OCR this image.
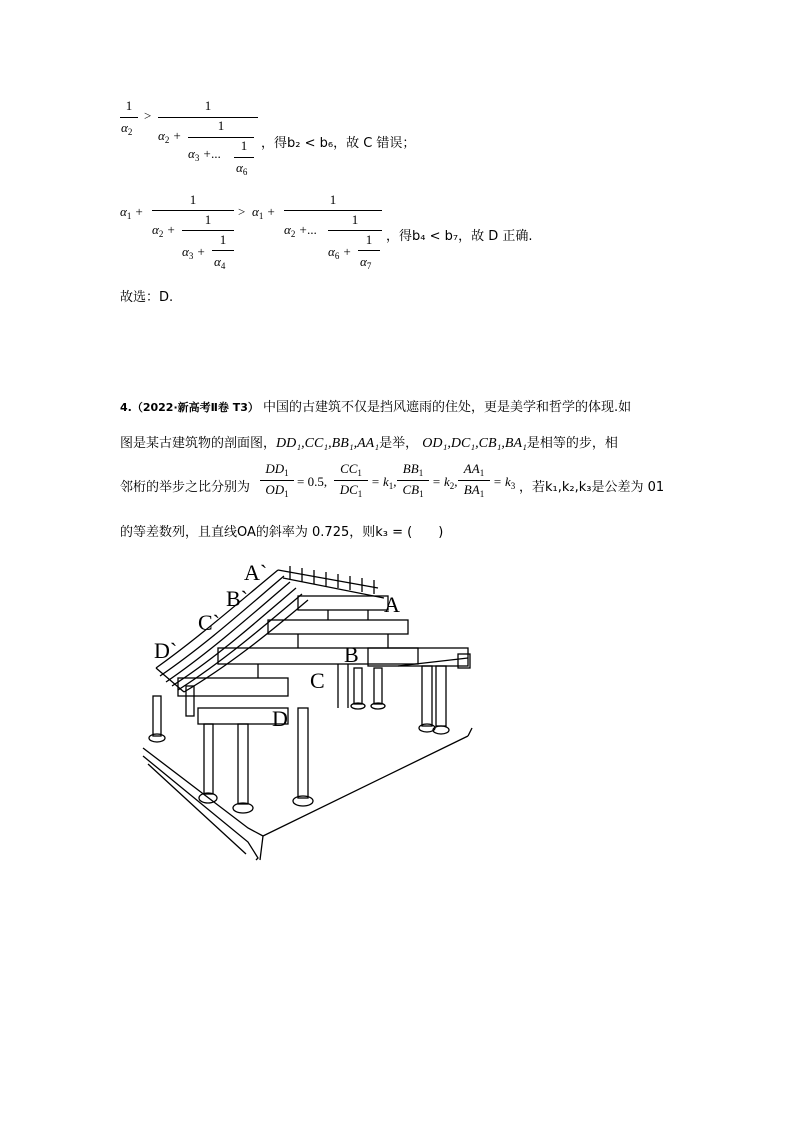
1
$\alpha_2$
>
1
$\alpha_2$ +
1
$\alpha_3$ +...
1
$\alpha_6$
，得b₂ < b₆，故 C 错误；
$\alpha_1$ +
1
$\alpha_2$ +
1
$\alpha_3$ +
1
$\alpha_4$
> $\alpha_1$ +
1
$\alpha_2$ +...
1
$\alpha_6$ +
1
$\alpha_7$
，得b₄ < b₇，故 D 正确.
故选：D.
4.（2022·新高考Ⅱ卷 T3） 中国的古建筑不仅是挡风遮雨的住处，更是美学和哲学的体现.如
图是某古建筑物的剖面图，DD₁,CC₁,BB₁,AA₁是举， OD₁,DC₁,CB₁,BA₁是相等的步，相
邻桁的举步之比分别为
$DD_1$
$OD_1$
= 0.5,
$CC_1$
$DC_1$
= $k_1$,
$BB_1$
$CB_1$
= $k_2$,
$AA_1$
$BA_1$
= $k_3$ ，若k₁,k₂,k₃是公差为 01
的等差数列，且直线OA的斜率为 0.725，则k₃ = (　　)
A`
B`
C`
D`
A
B
C
D
